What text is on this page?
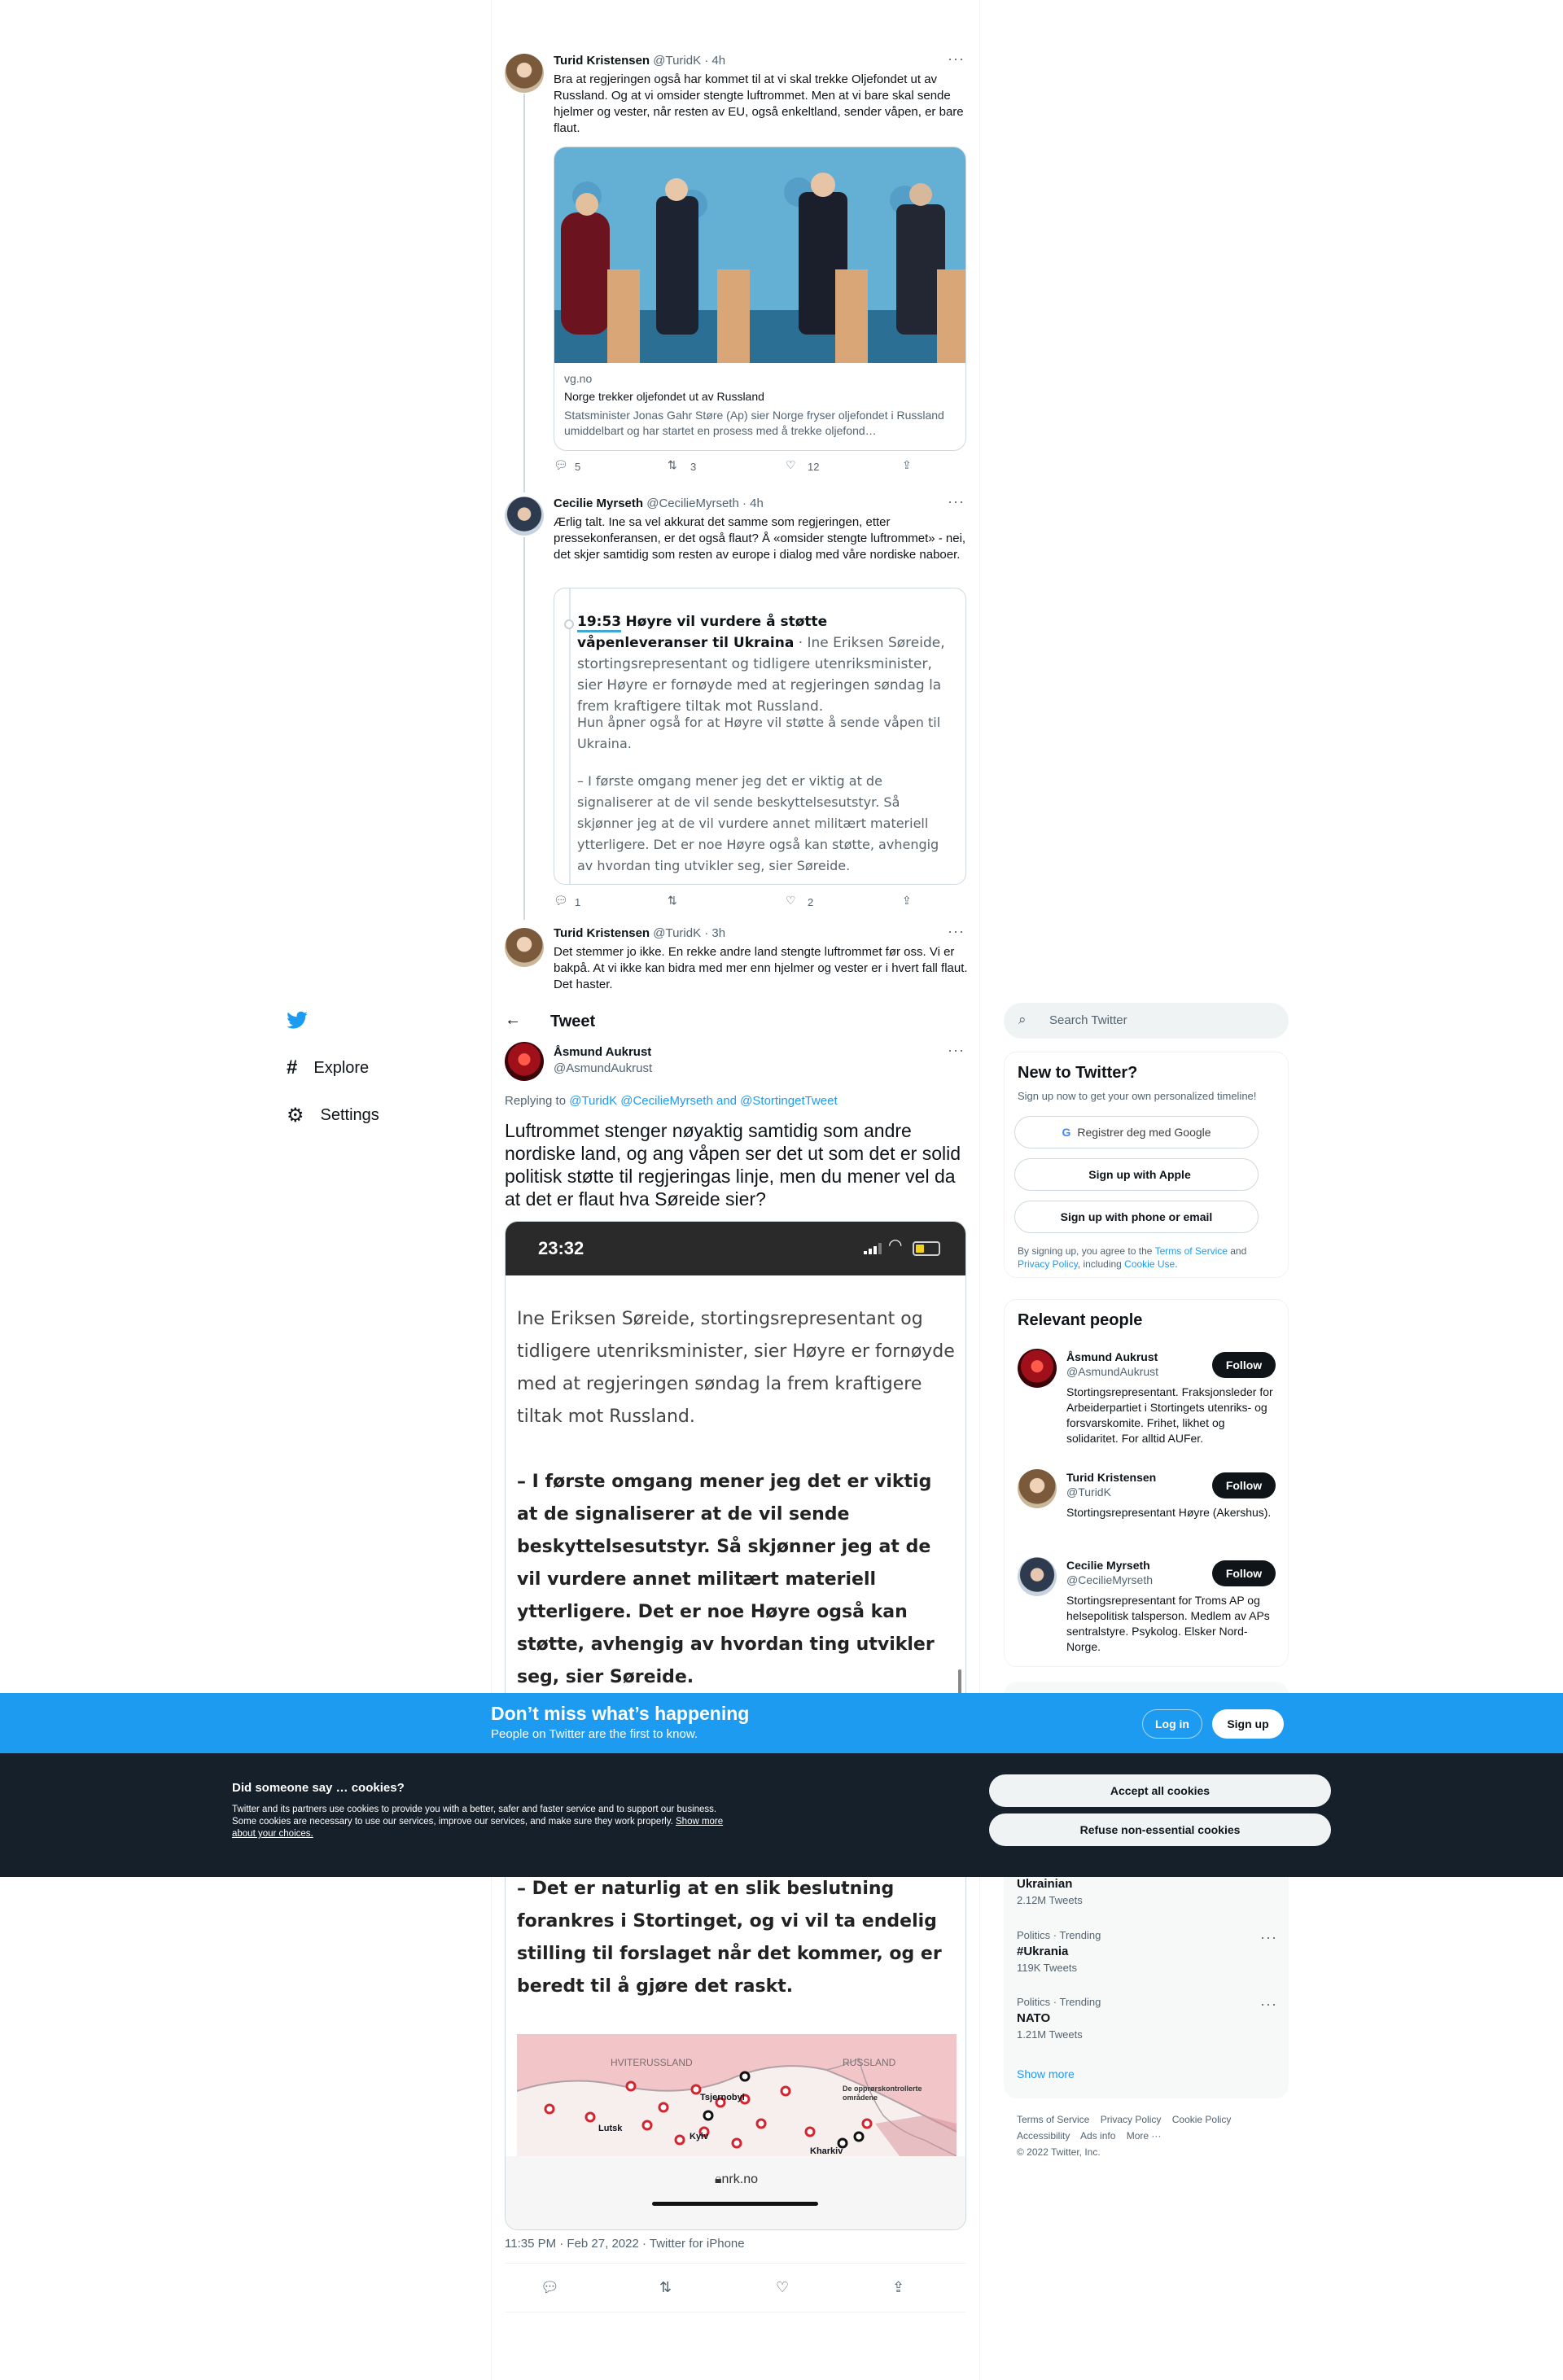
Turid Kristensen @TuridK · 4h	···
Bra at regjeringen også har kommet til at vi skal trekke Oljefondet ut av Russland. Og at vi omsider stengte luftrommet. Men at vi bare skal sende hjelmer og vester, når resten av EU, også enkeltland, sender våpen, er bare flaut.
vg.no
Norge trekker oljefondet ut av Russland
Statsminister Jonas Gahr Støre (Ap) sier Norge fryser oljefondet i Russland umiddelbart og har startet en prosess med å trekke oljefond…
💬︎ 5	⇅ 3	♡ 12	⇪
Cecilie Myrseth @CecilieMyrseth · 4h	···
Ærlig talt. Ine sa vel akkurat det samme som regjeringen, etter pressekonferansen, er det også flaut? Å «omsider stengte luftrommet» - nei, det skjer samtidig som resten av europe i dialog med våre nordiske naboer.
19:53 Høyre vil vurdere å støtte våpenleveranser til Ukraina · Ine Eriksen Søreide, stortingsrepresentant og tidligere utenriksminister, sier Høyre er fornøyde med at regjeringen søndag la frem kraftigere tiltak mot Russland.
Hun åpner også for at Høyre vil støtte å sende våpen til Ukraina.
– I første omgang mener jeg det er viktig at de signaliserer at de vil sende beskyttelsesutstyr. Så skjønner jeg at de vil vurdere annet militært materiell ytterligere. Det er noe Høyre også kan støtte, avhengig av hvordan ting utvikler seg, sier Søreide.
💬︎ 1	⇅	♡ 2	⇪
Turid Kristensen @TuridK · 3h	···
Det stemmer jo ikke. En rekke andre land stengte luftrommet før oss. Vi er bakpå. At vi ikke kan bidra med mer enn hjelmer og vester er i hvert fall flaut. Det haster.
# Explore
⚙ Settings
← Tweet
Åsmund Aukrust
@AsmundAukrust
···
Replying to @TuridK @CecilieMyrseth and @StortingetTweet
Luftrommet stenger nøyaktig samtidig som andre nordiske land, og ang våpen ser det ut som det er solid politisk støtte til regjeringas linje, men du mener vel da at det er flaut hva Søreide sier?
23:32	◠
Ine Eriksen Søreide, stortingsrepresentant og tidligere utenriksminister, sier Høyre er fornøyde med at regjeringen søndag la frem kraftigere tiltak mot Russland.
– I første omgang mener jeg det er viktig at de signaliserer at de vil sende beskyttelsesutstyr. Så skjønner jeg at de vil vurdere annet militært materiell ytterligere. Det er noe Høyre også kan støtte, avhengig av hvordan ting utvikler seg, sier Søreide.
– Det er naturlig at en slik beslutning forankres i Stortinget, og vi vil ta endelig stilling til forslaget når det kommer, og er beredt til å gjøre det raskt.
HVITERUSSLAND	RUSSLAND
De opprørskontrollerte områdene
Tsjernobyl
Lutsk
Kyiv
Kharkiv
🔒︎nrk.no
11:35 PM · Feb 27, 2022 · Twitter for iPhone
💬︎	⇅	♡	⇪
⌕ Search Twitter
New to Twitter?
Sign up now to get your own personalized timeline!
G Registrer deg med Google
Sign up with Apple
Sign up with phone or email
By signing up, you agree to the Terms of Service and Privacy Policy, including Cookie Use.
Relevant people
Åsmund Aukrust
@AsmundAukrust	Follow
Stortingsrepresentant. Fraksjonsleder for Arbeiderpartiet i Stortingets utenriks- og forsvarskomite. Frihet, likhet og solidaritet. For alltid AUFer.
Turid Kristensen
@TuridK	Follow
Stortingsrepresentant Høyre (Akershus).
Cecilie Myrseth
@CecilieMyrseth	Follow
Stortingsrepresentant for Troms AP og helsepolitisk talsperson. Medlem av APs sentralstyre. Psykolog. Elsker Nord-Norge.
Ukrainian
2.12M Tweets
Politics · Trending
#Ukrania
119K Tweets
···
Politics · Trending
NATO
1.21M Tweets
···
Show more
Terms of Service Privacy Policy Cookie Policy
Accessibility Ads info More ···
© 2022 Twitter, Inc.
Don’t miss what’s happening
People on Twitter are the first to know.
Log in	Sign up
Did someone say … cookies?
Twitter and its partners use cookies to provide you with a better, safer and faster service and to support our business. Some cookies are necessary to use our services, improve our services, and make sure they work properly. Show more about your choices.
Accept all cookies
Refuse non-essential cookies
